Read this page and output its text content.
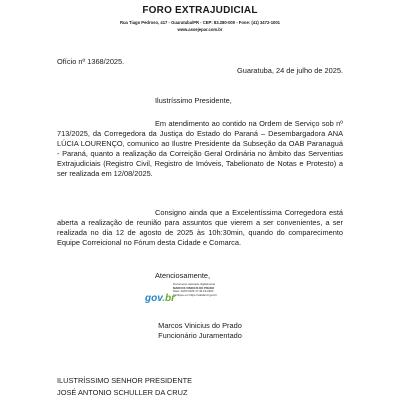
FORO EXTRAJUDICIAL
Rua Tiago Pedroso, 417 - Guaratuba/PR - CEP: 83.280-000 - Fone: (41) 3472-1001
www.assejepar.com.br
Ofício nº 1368/2025.
Guaratuba, 24 de julho de 2025.
Ilustríssimo Presidente,
Em atendimento ao contido na Ordem de Serviço sob nº 713/2025, da Corregedora da Justiça do Estado do Paraná – Desembargadora ANA LÚCIA LOURENÇO, comunico ao Ilustre Presidente da Subseção da OAB Paranaguá - Paraná, quanto a realização da Correição Geral Ordinária no âmbito das Serventias Extrajudiciais (Registro Civil, Registro de Imóveis, Tabelionato de Notas e Protesto) a ser realizada em 12/08/2025.
Consigno ainda que a Excelentíssima Corregedora está aberta a realização de reunião para assuntos que vierem a ser convenientes, a ser realizada no dia 12 de agosto de 2025 às 10h:30min, quando do comparecimento Equipe Correicional no Fórum desta Cidade e Comarca.
Atenciosamente,
gov.br
Documento assinado digitalmente
MARCOS VINICIUS DO PRADO
Data: 24/07/2025 17:46:23-0300
Verifique em https://validar.iti.gov.br
Marcos Vinicius do Prado
Funcionário Juramentado
ILUSTRÍSSIMO SENHOR PRESIDENTE
JOSÉ ANTONIO SCHULLER DA CRUZ
